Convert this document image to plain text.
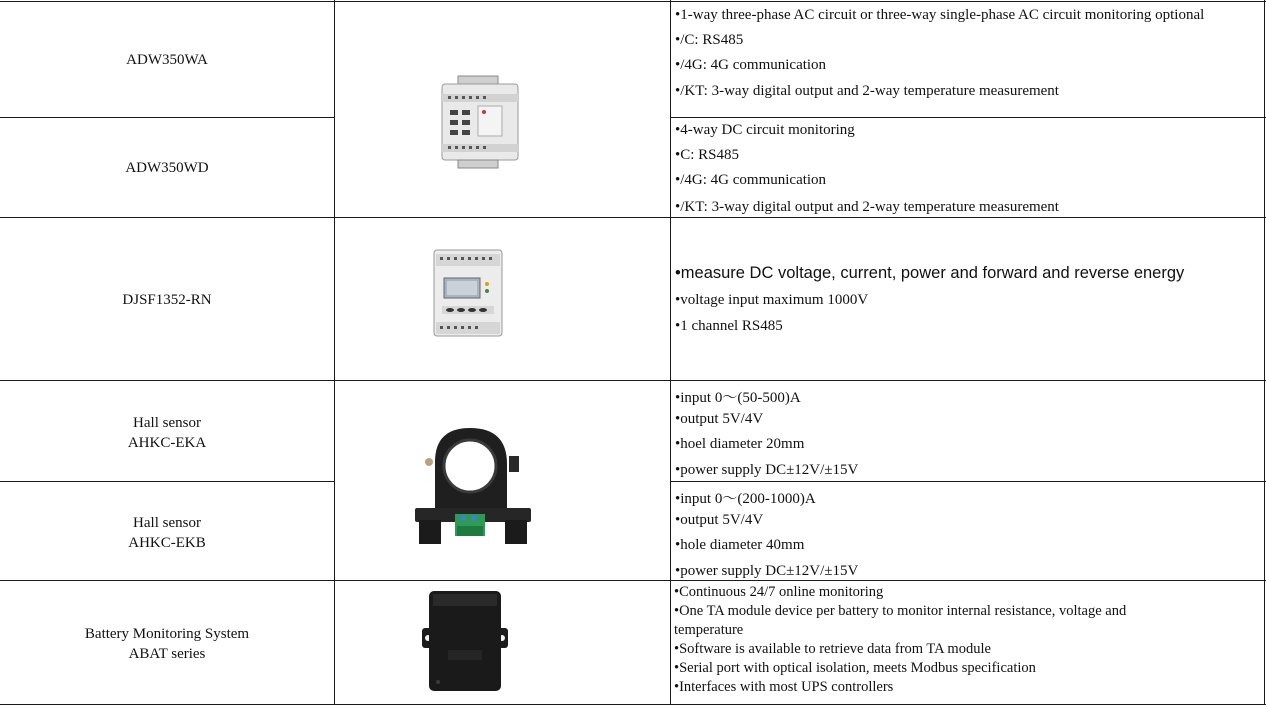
ADW350WA
•1-way three-phase AC circuit or three-way single-phase AC circuit monitoring optional
•/C: RS485
•/4G: 4G communication
•/KT: 3-way digital output and 2-way temperature measurement
ADW350WD
•4-way DC circuit monitoring
•C: RS485
•/4G: 4G communication
•/KT: 3-way digital output and 2-way temperature measurement
DJSF1352-RN
•measure DC voltage, current, power and forward and reverse energy
•voltage input maximum 1000V
•1 channel RS485
Hall sensor
AHKC-EKA
•input 0～(50-500)A
•output 5V/4V
•hoel diameter 20mm
•power supply DC±12V/±15V
Hall sensor
AHKC-EKB
•input 0～(200-1000)A
•output 5V/4V
•hole diameter 40mm
•power supply DC±12V/±15V
Battery Monitoring System
ABAT series
•Continuous 24/7 online monitoring
•One TA module device per battery to monitor internal resistance, voltage and
temperature
•Software is available to retrieve data from TA module
•Serial port with optical isolation, meets Modbus specification
•Interfaces with most UPS controllers
